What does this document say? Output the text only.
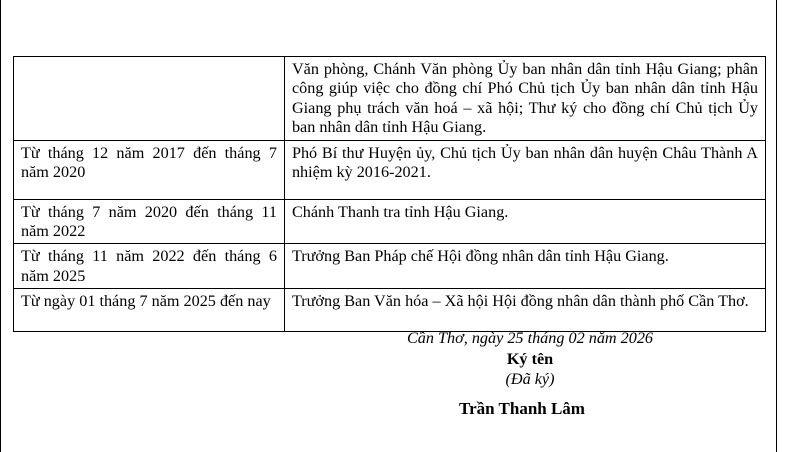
	Văn phòng, Chánh Văn phòng Ủy ban nhân dân tỉnh Hậu Giang; phân công giúp việc cho đồng chí Phó Chủ tịch Ủy ban nhân dân tỉnh Hậu Giang phụ trách văn hoá – xã hội; Thư ký cho đồng chí Chủ tịch Ủy ban nhân dân tỉnh Hậu Giang.

Từ tháng 12 năm 2017 đến tháng 7 năm 2020	Phó Bí thư Huyện ủy, Chủ tịch Ủy ban nhân dân huyện Châu Thành A nhiệm kỳ 2016-2021.

Từ tháng 7 năm 2020 đến tháng 11 năm 2022	Chánh Thanh tra tỉnh Hậu Giang.

Từ tháng 11 năm 2022 đến tháng 6 năm 2025	Trưởng Ban Pháp chế Hội đồng nhân dân tỉnh Hậu Giang.

Từ ngày 01 tháng 7 năm 2025 đến nay	Trưởng Ban Văn hóa – Xã hội Hội đồng nhân dân thành phố Cần Thơ.

Cần Thơ, ngày 25 tháng 02 năm 2026
Ký tên
(Đã ký)
Trần Thanh Lâm
